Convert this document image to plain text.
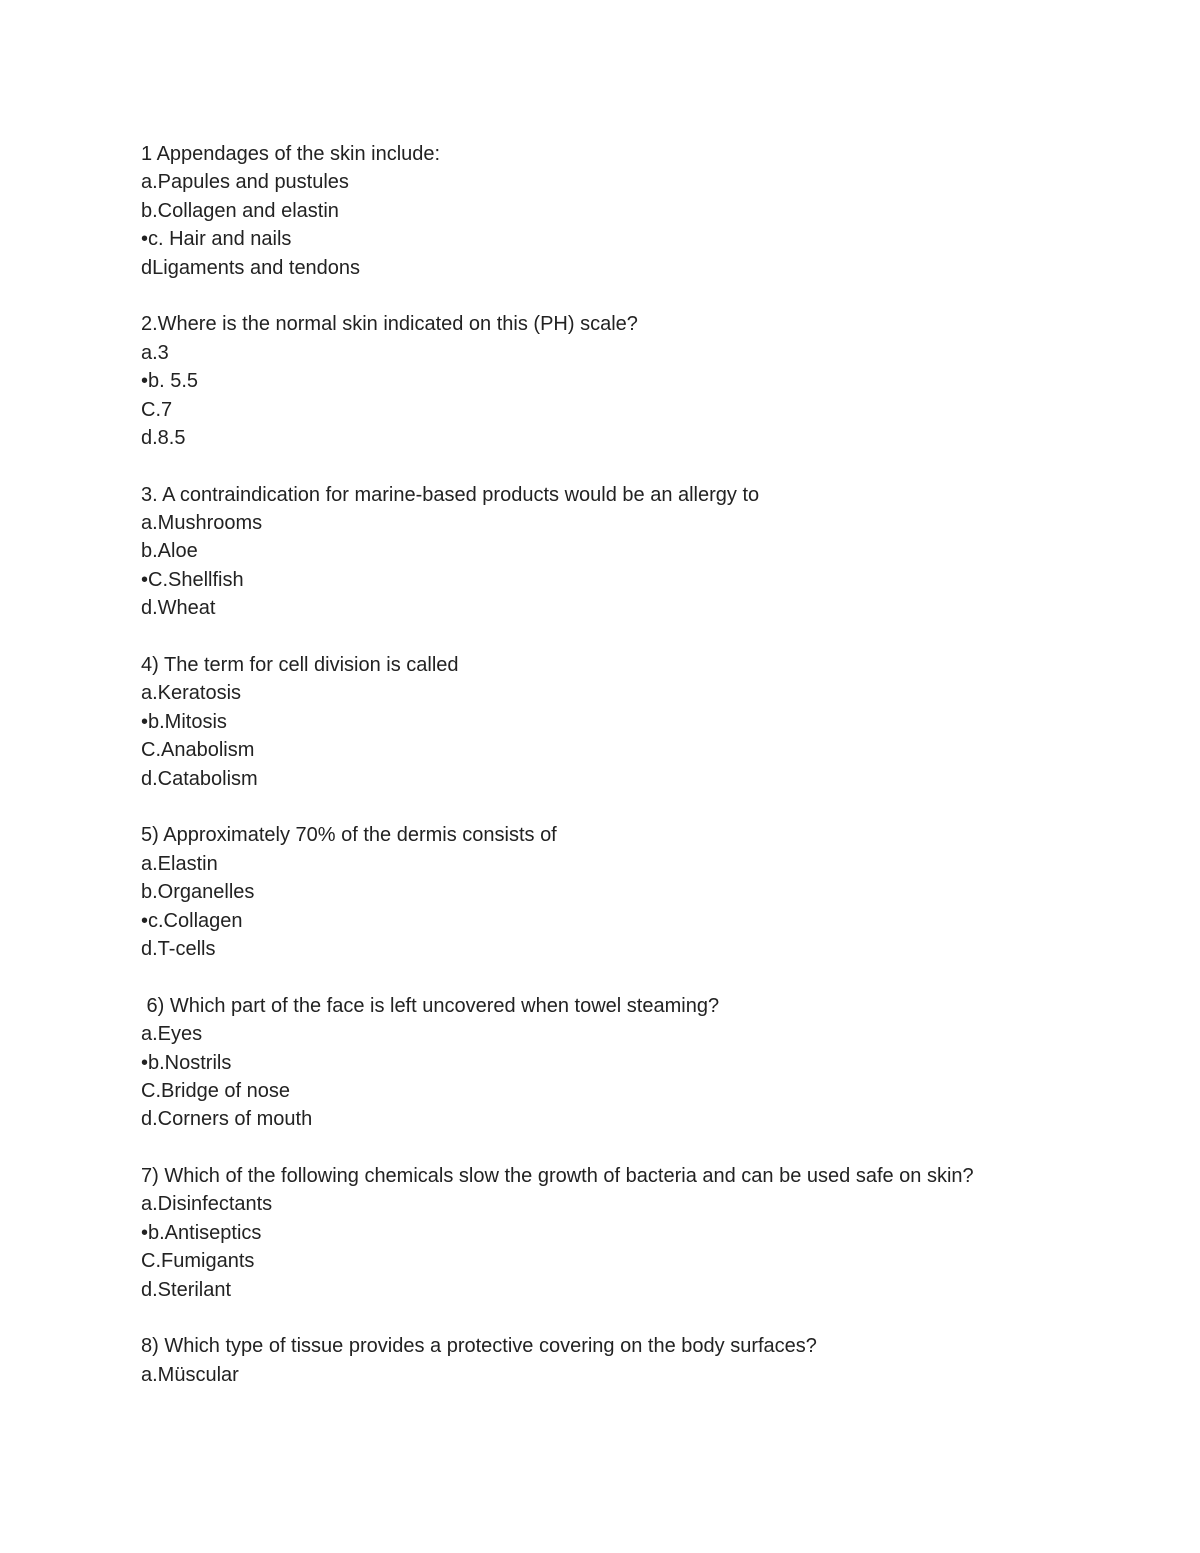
1 Appendages of the skin include:
a.Papules and pustules
b.Collagen and elastin
•c. Hair and nails
dLigaments and tendons
2.Where is the normal skin indicated on this (PH) scale?
a.3
•b. 5.5
C.7
d.8.5
3. A contraindication for marine-based products would be an allergy to
a.Mushrooms
b.Aloe
•C.Shellfish
d.Wheat
4) The term for cell division is called
a.Keratosis
•b.Mitosis
C.Anabolism
d.Catabolism
5) Approximately 70% of the dermis consists of
a.Elastin
b.Organelles
•c.Collagen
d.T-cells
6) Which part of the face is left uncovered when towel steaming?
a.Eyes
•b.Nostrils
C.Bridge of nose
d.Corners of mouth
7) Which of the following chemicals slow the growth of bacteria and can be used safe on skin?
a.Disinfectants
•b.Antiseptics
C.Fumigants
d.Sterilant
8) Which type of tissue provides a protective covering on the body surfaces?
a.Müscular
